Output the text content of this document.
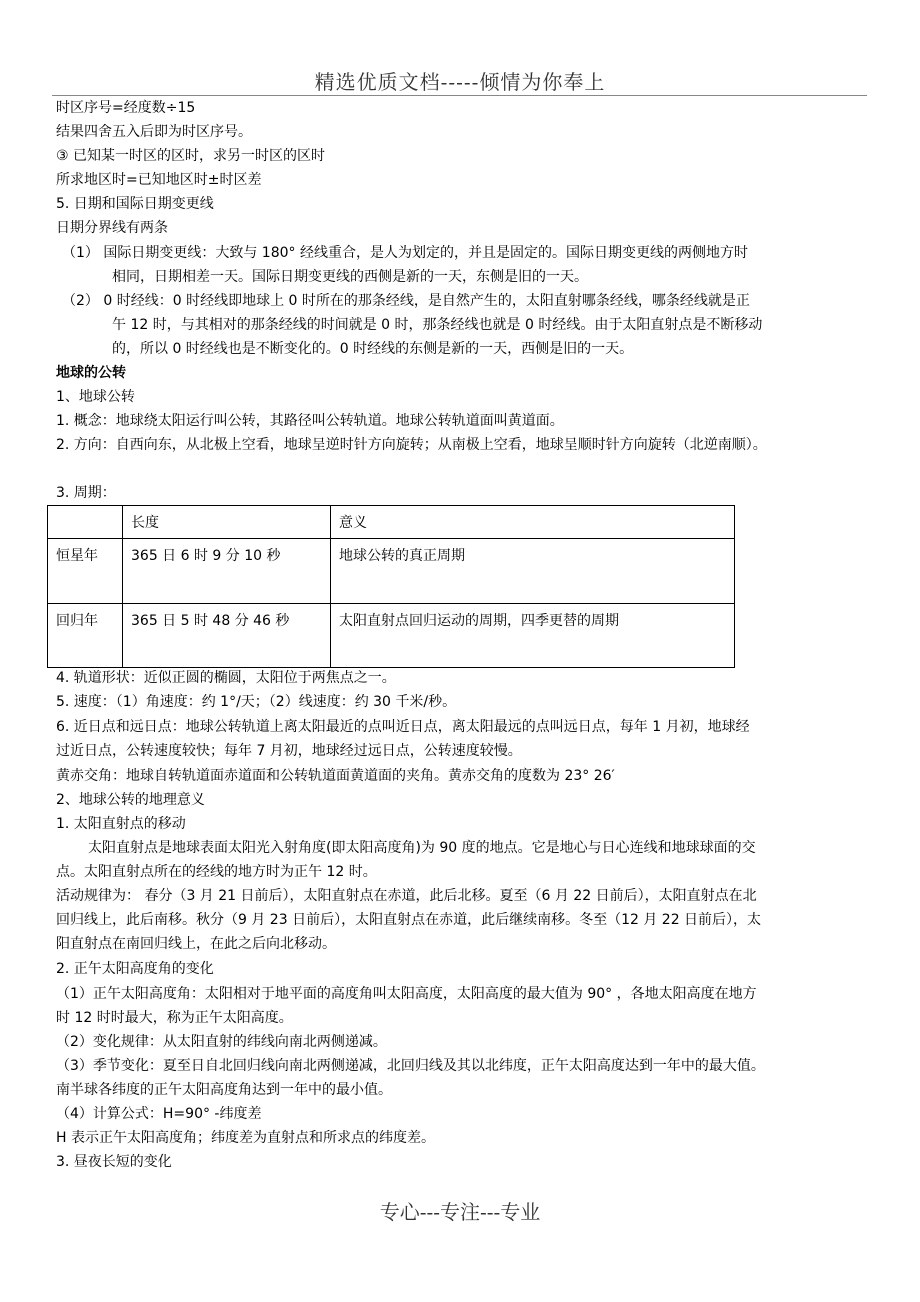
精选优质文档-----倾情为你奉上
时区序号=经度数÷15
结果四舍五入后即为时区序号。
③ 已知某一时区的区时，求另一时区的区时
所求地区时=已知地区时±时区差
5. 日期和国际日期变更线
日期分界线有两条
（1） 国际日期变更线：大致与 180° 经线重合，是人为划定的，并且是固定的。国际日期变更线的两侧地方时
相同，日期相差一天。国际日期变更线的西侧是新的一天，东侧是旧的一天。
（2） 0 时经线：0 时经线即地球上 0 时所在的那条经线，是自然产生的，太阳直射哪条经线，哪条经线就是正
午 12 时，与其相对的那条经线的时间就是 0 时，那条经线也就是 0 时经线。由于太阳直射点是不断移动
的，所以 0 时经线也是不断变化的。0 时经线的东侧是新的一天，西侧是旧的一天。
地球的公转
1、地球公转
1. 概念：地球绕太阳运行叫公转，其路径叫公转轨道。地球公转轨道面叫黄道面。
2. 方向：自西向东，从北极上空看，地球呈逆时针方向旋转；从南极上空看，地球呈顺时针方向旋转（北逆南顺）。
3. 周期：
	长度	意义
恒星年	365 日 6 时 9 分 10 秒	地球公转的真正周期
回归年	365 日 5 时 48 分 46 秒	太阳直射点回归运动的周期，四季更替的周期
4. 轨道形状：近似正圆的椭圆，太阳位于两焦点之一。
5. 速度：（1）角速度：约 1°/天；（2）线速度：约 30 千米/秒。
6. 近日点和远日点：地球公转轨道上离太阳最近的点叫近日点，离太阳最远的点叫远日点，每年 1 月初，地球经
过近日点，公转速度较快；每年 7 月初，地球经过远日点，公转速度较慢。
黄赤交角：地球自转轨道面赤道面和公转轨道面黄道面的夹角。黄赤交角的度数为 23° 26′
2、地球公转的地理意义
1. 太阳直射点的移动
太阳直射点是地球表面太阳光入射角度(即太阳高度角)为 90 度的地点。它是地心与日心连线和地球球面的交
点。太阳直射点所在的经线的地方时为正午 12 时。
活动规律为： 春分（3 月 21 日前后），太阳直射点在赤道，此后北移。夏至（6 月 22 日前后），太阳直射点在北
回归线上，此后南移。秋分（9 月 23 日前后），太阳直射点在赤道，此后继续南移。冬至（12 月 22 日前后），太
阳直射点在南回归线上，在此之后向北移动。
2. 正午太阳高度角的变化
（1）正午太阳高度角：太阳相对于地平面的高度角叫太阳高度，太阳高度的最大值为 90° ，各地太阳高度在地方
时 12 时时最大，称为正午太阳高度。
（2）变化规律：从太阳直射的纬线向南北两侧递减。
（3）季节变化：夏至日自北回归线向南北两侧递减，北回归线及其以北纬度，正午太阳高度达到一年中的最大值。
南半球各纬度的正午太阳高度角达到一年中的最小值。
（4）计算公式：H=90° -纬度差
H 表示正午太阳高度角；纬度差为直射点和所求点的纬度差。
3. 昼夜长短的变化
专心---专注---专业
